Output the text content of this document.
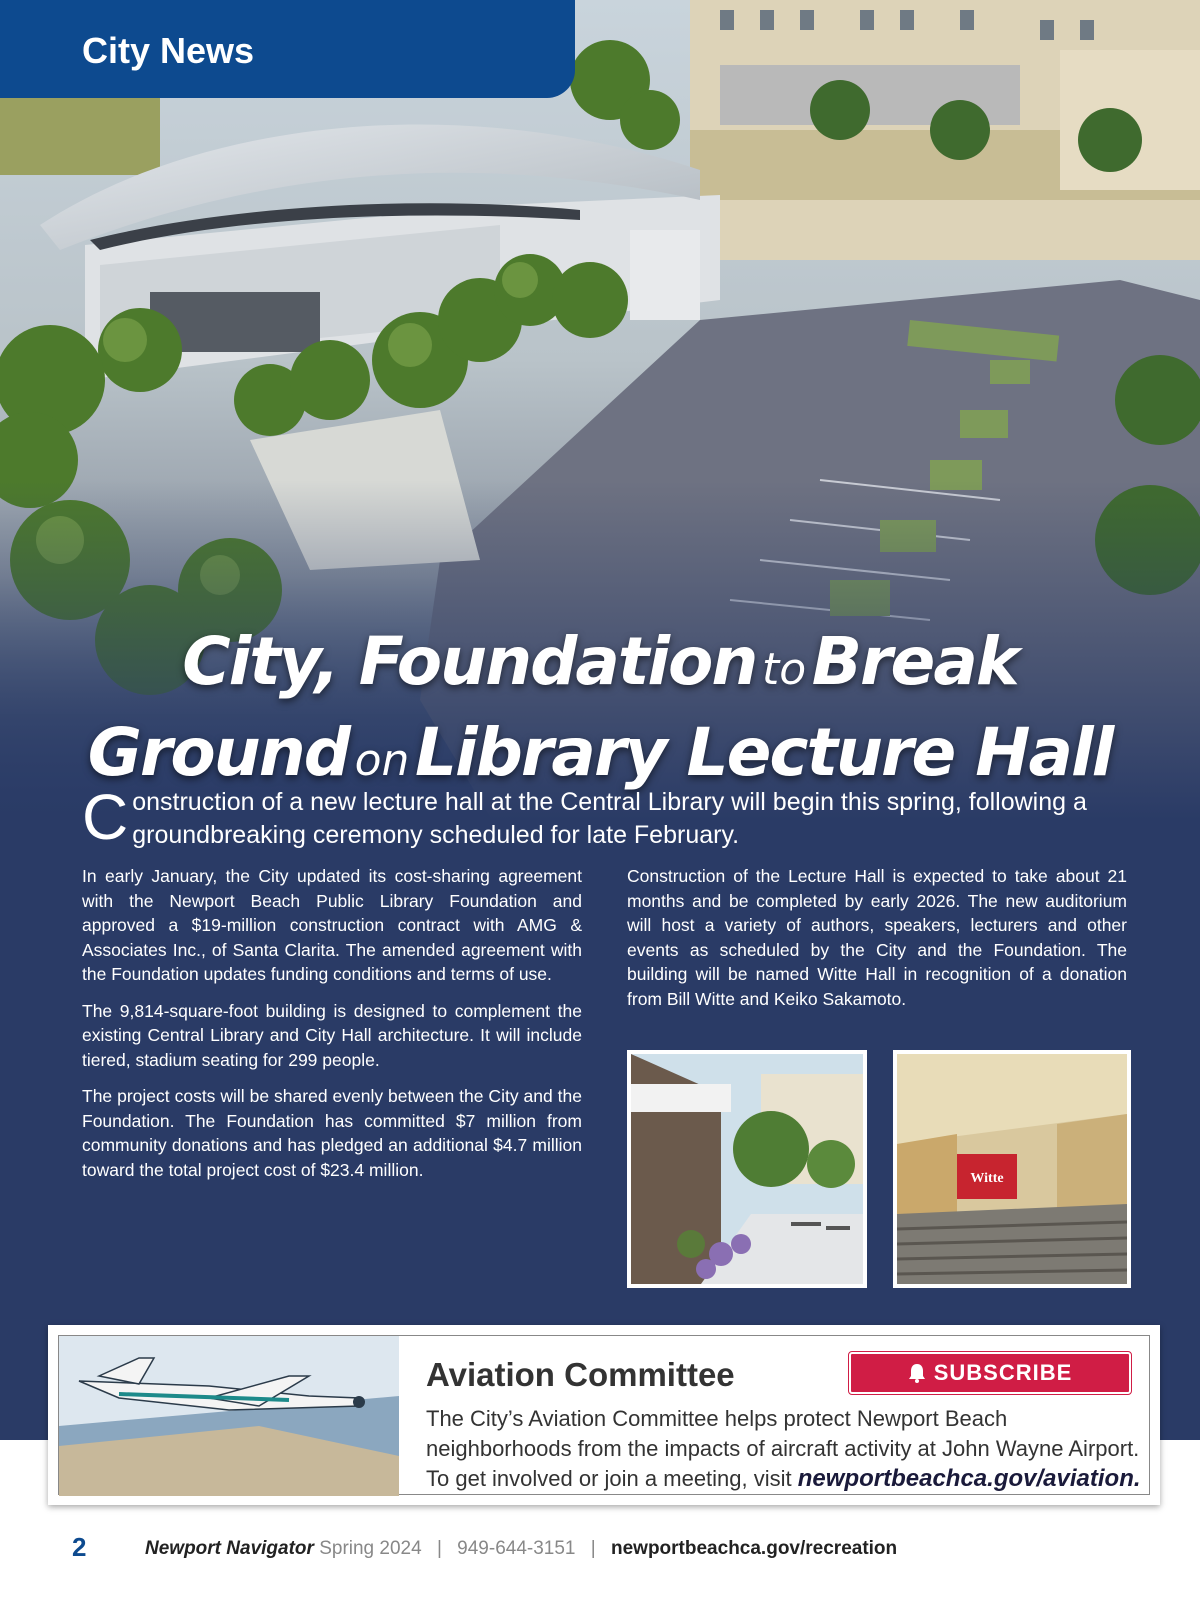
City News
City, Foundation to Break
Ground on Library Lecture Hall
C onstruction of a new lecture hall at the Central Library will begin this spring, following a groundbreaking ceremony scheduled for late February.

In early January, the City updated its cost-sharing agreement with the Newport Beach Public Library Foundation and approved a $19-million construction contract with AMG & Associates Inc., of Santa Clarita. The amended agreement with the Foundation updates funding conditions and terms of use.

The 9,814-square-foot building is designed to complement the existing Central Library and City Hall architecture. It will include tiered, stadium seating for 299 people.

The project costs will be shared evenly between the City and the Foundation. The Foundation has committed $7 million from community donations and has pledged an additional $4.7 million toward the total project cost of $23.4 million.

Construction of the Lecture Hall is expected to take about 21 months and be completed by early 2026. The new auditorium will host a variety of authors, speakers, lecturers and other events as scheduled by the City and the Foundation. The building will be named Witte Hall in recognition of a donation from Bill Witte and Keiko Sakamoto.

Witte
Aviation Committee	SUBSCRIBE
The City’s Aviation Committee helps protect Newport Beach neighborhoods from the impacts of aircraft activity at John Wayne Airport. To get involved or join a meeting, visit newportbeachca.gov/aviation.
2	Newport Navigator Spring 2024 | 949-644-3151 | newportbeachca.gov/recreation
